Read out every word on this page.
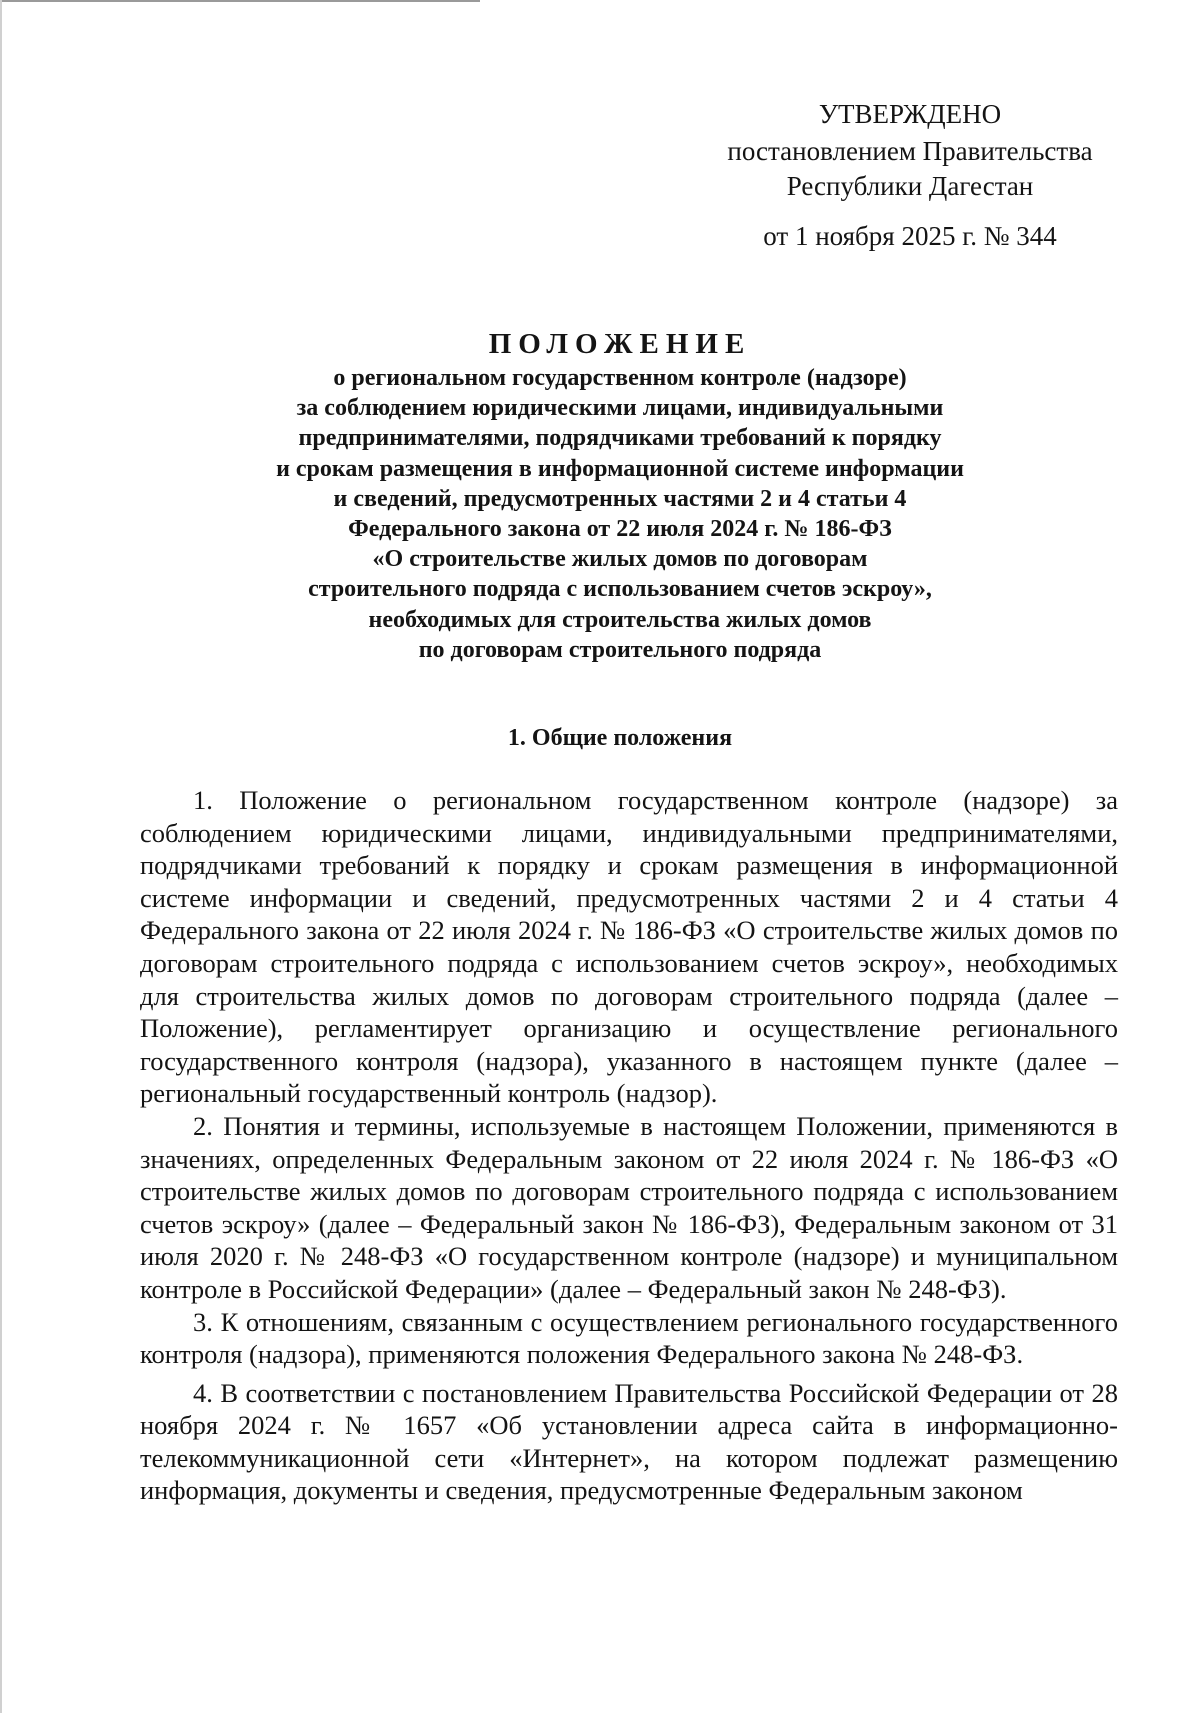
УТВЕРЖДЕНО
постановлением Правительства
Республики Дагестан
от 1 ноября 2025 г. № 344
ПОЛОЖЕНИЕ
о региональном государственном контроле (надзоре)
за соблюдением юридическими лицами, индивидуальными
предпринимателями, подрядчиками требований к порядку
и срокам размещения в информационной системе информации
и сведений, предусмотренных частями 2 и 4 статьи 4
Федерального закона от 22 июля 2024 г. № 186-ФЗ
«О строительстве жилых домов по договорам
строительного подряда с использованием счетов эскроу»,
необходимых для строительства жилых домов
по договорам строительного подряда
1. Общие положения

1. Положение о региональном государственном контроле (надзоре) за соблюдением юридическими лицами, индивидуальными предпринимателями, подрядчиками требований к порядку и срокам размещения в информационной системе информации и сведений, предусмотренных частями 2 и 4 статьи 4 Федерального закона от 22 июля 2024 г. № 186-ФЗ «О строительстве жилых домов по договорам строительного подряда с использованием счетов эскроу», необходимых для строительства жилых домов по договорам строительного подряда (далее – Положение), регламентирует организацию и осуществление регионального государственного контроля (надзора), указанного в настоящем пункте (далее – региональный государственный контроль (надзор).

2. Понятия и термины, используемые в настоящем Положении, применяются в значениях, определенных Федеральным законом от 22 июля 2024 г. № 186-ФЗ «О строительстве жилых домов по договорам строительного подряда с использованием счетов эскроу» (далее – Федеральный закон № 186-ФЗ), Федеральным законом от 31 июля 2020 г. № 248-ФЗ «О государственном контроле (надзоре) и муниципальном контроле в Российской Федерации» (далее – Федеральный закон № 248-ФЗ).

3. К отношениям, связанным с осуществлением регионального государственного контроля (надзора), применяются положения Федерального закона № 248-ФЗ.

4. В соответствии с постановлением Правительства Российской Федерации от 28 ноября 2024 г. № 1657 «Об установлении адреса сайта в информационно-телекоммуникационной сети «Интернет», на котором подлежат размещению информация, документы и сведения, предусмотренные Федеральным законом
